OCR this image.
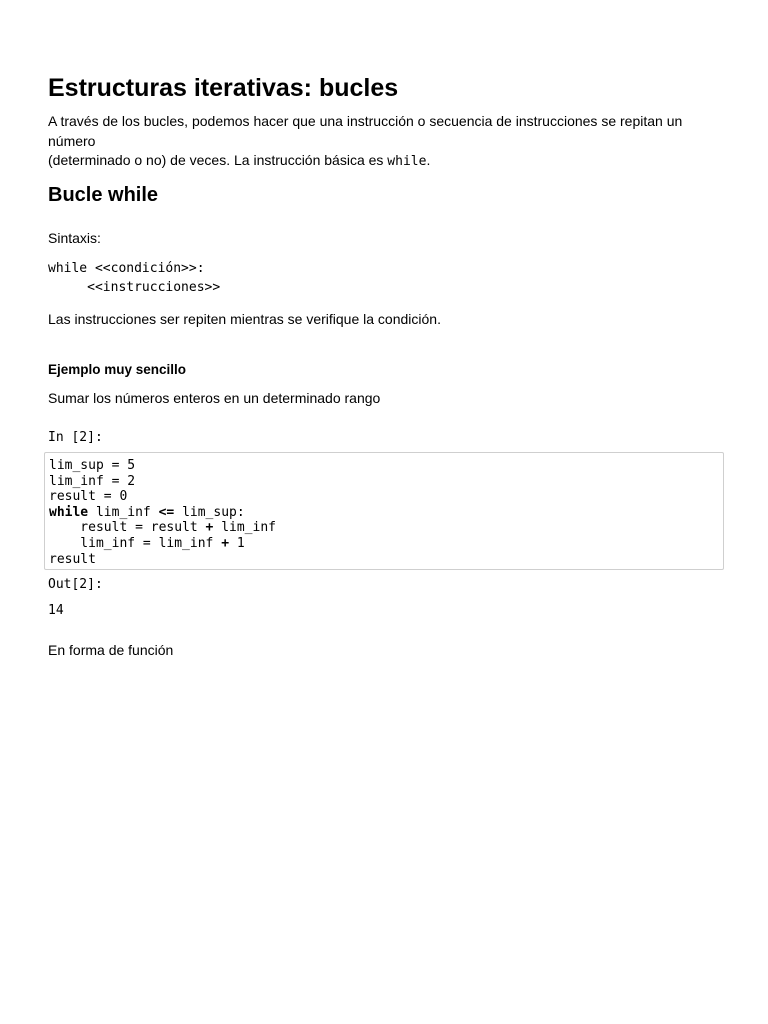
Estructuras iterativas: bucles

A través de los bucles, podemos hacer que una instrucción o secuencia de instrucciones se repitan un número
(determinado o no) de veces. La instrucción básica es while.

Bucle while

Sintaxis:

while <<condición>>:
<<instrucciones>>

Las instrucciones ser repiten mientras se verifique la condición.

Ejemplo muy sencillo

Sumar los números enteros en un determinado rango

In [2]:
lim_sup = 5
lim_inf = 2
result = 0
while lim_inf <= lim_sup:
result = result + lim_inf
lim_inf = lim_inf + 1
result
Out[2]:
14

En forma de función
